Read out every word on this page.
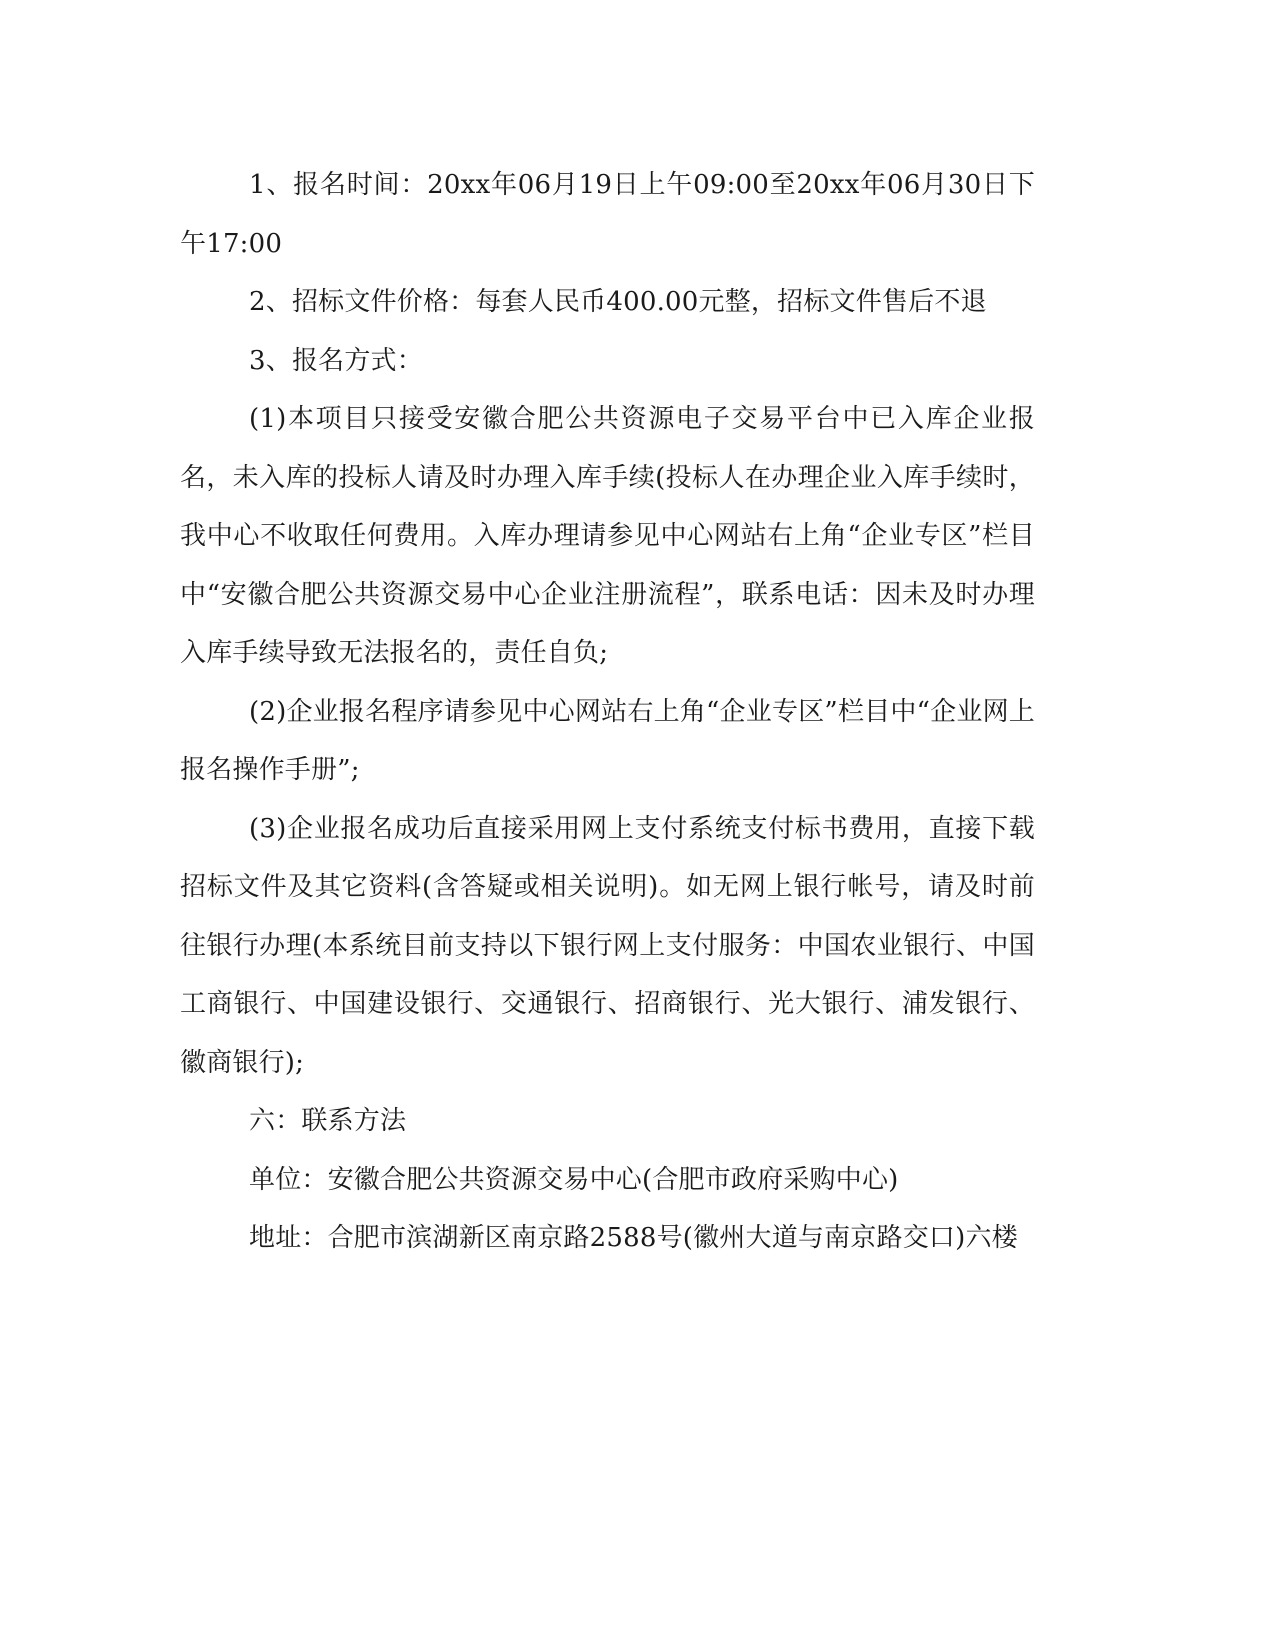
1、报名时间：20xx年06月19日上午09:00至20xx年06月30日下午17:00

2、招标文件价格：每套人民币400.00元整，招标文件售后不退

3、报名方式：

(1)本项目只接受安徽合肥公共资源电子交易平台中已入库企业报名，未入库的投标人请及时办理入库手续(投标人在办理企业入库手续时，我中心不收取任何费用。入库办理请参见中心网站右上角“企业专区”栏目中“安徽合肥公共资源交易中心企业注册流程”，联系电话：因未及时办理入库手续导致无法报名的，责任自负;

(2)企业报名程序请参见中心网站右上角“企业专区”栏目中“企业网上报名操作手册”;

(3)企业报名成功后直接采用网上支付系统支付标书费用，直接下载招标文件及其它资料(含答疑或相关说明)。如无网上银行帐号，请及时前往银行办理(本系统目前支持以下银行网上支付服务：中国农业银行、中国工商银行、中国建设银行、交通银行、招商银行、光大银行、浦发银行、徽商银行);

六：联系方法

单位：安徽合肥公共资源交易中心(合肥市政府采购中心)

地址：合肥市滨湖新区南京路2588号(徽州大道与南京路交口)六楼
